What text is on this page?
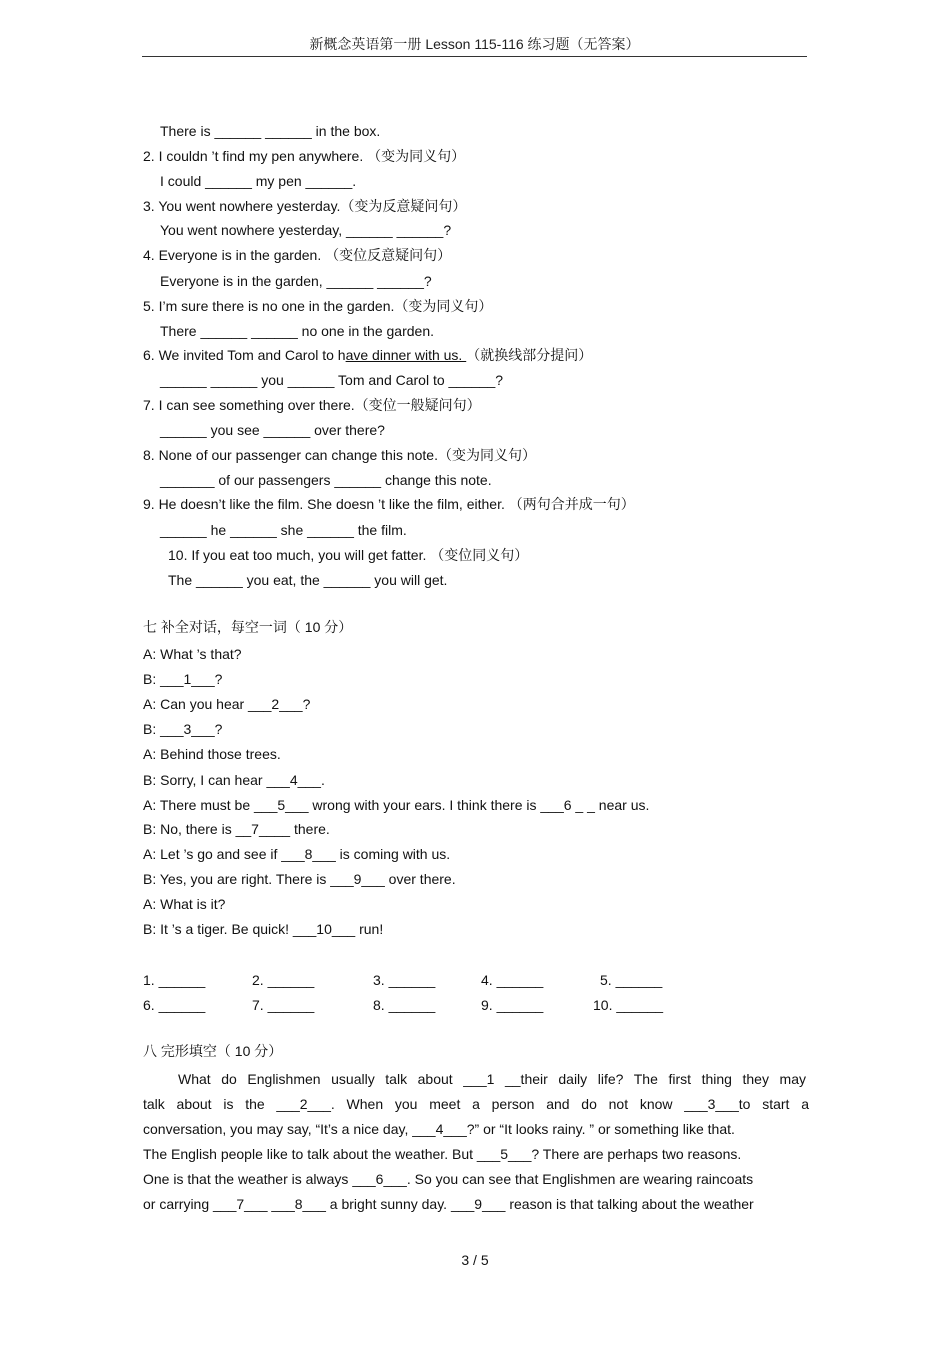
新概念英语第一册 Lesson 115-116 练习题（无答案）
There is ______ ______ in the box.
2. I couldn ’t find my pen anywhere. （变为同义句）
I could ______ my pen ______.
3. You went nowhere yesterday.（变为反意疑问句）
You went nowhere yesterday, ______ ______?
4. Everyone is in the garden. （变位反意疑问句）
Everyone is in the garden, ______ ______?
5. I’m sure there is no one in the garden.（变为同义句）
There ______ ______ no one in the garden.
6. We invited Tom and Carol to have dinner with us. （就换线部分提问）
______ ______ you ______ Tom and Carol to ______?
7. I can see something over there.（变位一般疑问句）
______ you see ______ over there?
8. None of our passenger can change this note.（变为同义句）
_______ of our passengers ______ change this note.
9. He doesn’t like the film. She doesn ’t like the film, either. （两句合并成一句）
______ he ______ she ______ the film.
10. If you eat too much, you will get fatter. （变位同义句）
The ______ you eat, the ______ you will get.
七 补全对话，每空一词（ 10 分）
A: What ’s that?
B: ___1___?
A: Can you hear ___2___?
B: ___3___?
A: Behind those trees.
B: Sorry, I can hear ___4___.
A: There must be ___5___ wrong with your ears. I think there is ___6 _ _ near us.
B: No, there is __7____ there.
A: Let ’s go and see if ___8___ is coming with us.
B: Yes, you are right. There is ___9___ over there.
A: What is it?
B: It ’s a tiger. Be quick! ___10___ run!
1. ______	2. ______	3. ______	4. ______	5. ______
6. ______	7. ______	8. ______	9. ______	10. ______
八 完形填空（ 10 分）
What do Englishmen usually talk about ___1 __their daily life? The first thing they may
talk about is the ___2___. When you meet a person and do not know ___3___to start a
conversation, you may say, “It’s a nice day, ___4___?” or “It looks rainy. ” or something like that.
The English people like to talk about the weather. But ___5___? There are perhaps two reasons.
One is that the weather is always ___6___. So you can see that Englishmen are wearing raincoats
or carrying ___7___ ___8___ a bright sunny day. ___9___ reason is that talking about the weather
3 / 5
